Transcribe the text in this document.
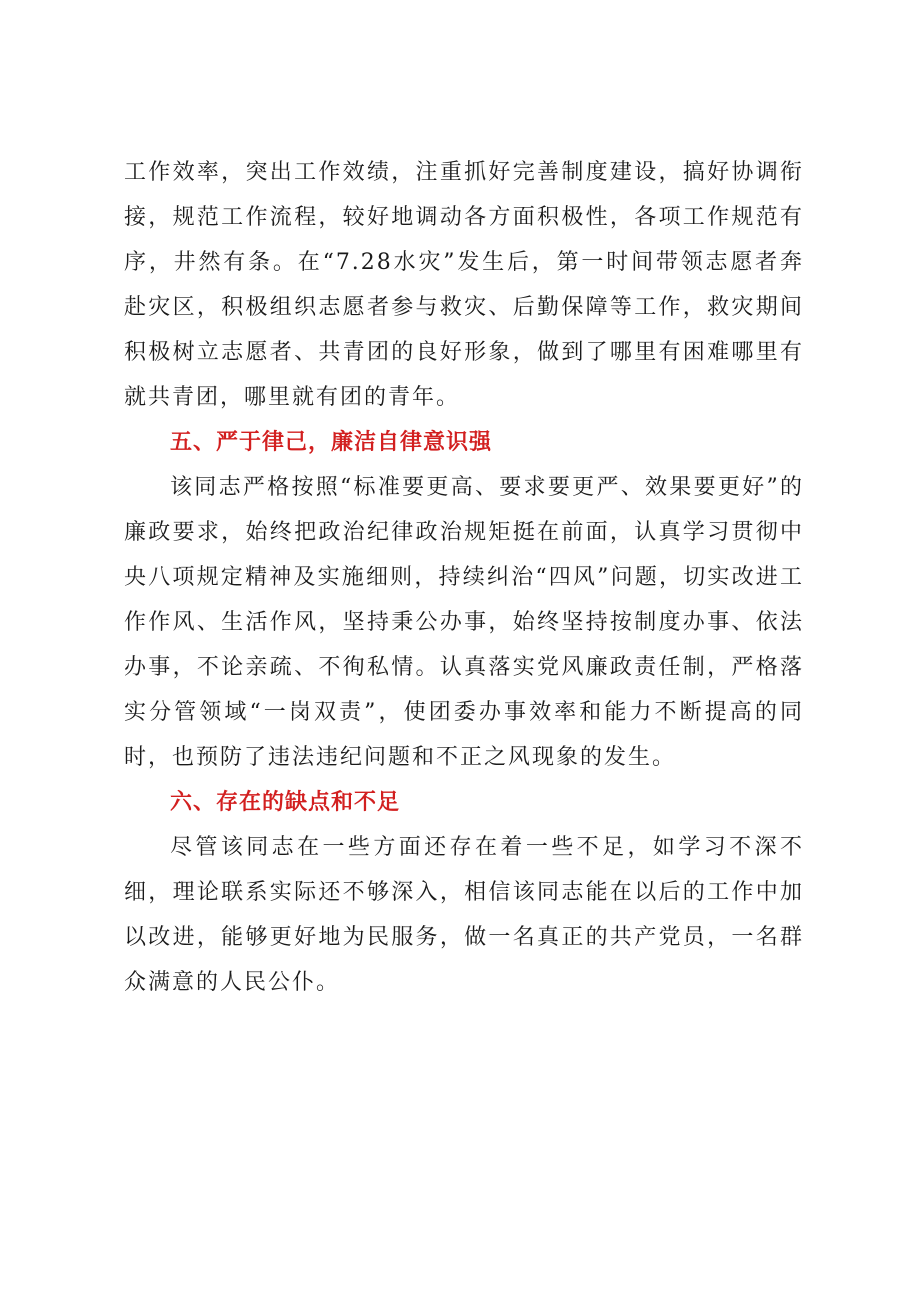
工作效率，突出工作效绩，注重抓好完善制度建设，搞好协调衔接，规范工作流程，较好地调动各方面积极性，各项工作规范有序，井然有条。在“7.28水灾”发生后，第一时间带领志愿者奔赴灾区，积极组织志愿者参与救灾、后勤保障等工作，救灾期间积极树立志愿者、共青团的良好形象，做到了哪里有困难哪里有就共青团，哪里就有团的青年。

五、严于律己，廉洁自律意识强

该同志严格按照“标准要更高、要求要更严、效果要更好”的廉政要求，始终把政治纪律政治规矩挺在前面，认真学习贯彻中央八项规定精神及实施细则，持续纠治“四风”问题，切实改进工作作风、生活作风，坚持秉公办事，始终坚持按制度办事、依法办事，不论亲疏、不徇私情。认真落实党风廉政责任制，严格落实分管领域“一岗双责”，使团委办事效率和能力不断提高的同时，也预防了违法违纪问题和不正之风现象的发生。

六、存在的缺点和不足

尽管该同志在一些方面还存在着一些不足，如学习不深不细，理论联系实际还不够深入，相信该同志能在以后的工作中加以改进，能够更好地为民服务，做一名真正的共产党员，一名群众满意的人民公仆。
